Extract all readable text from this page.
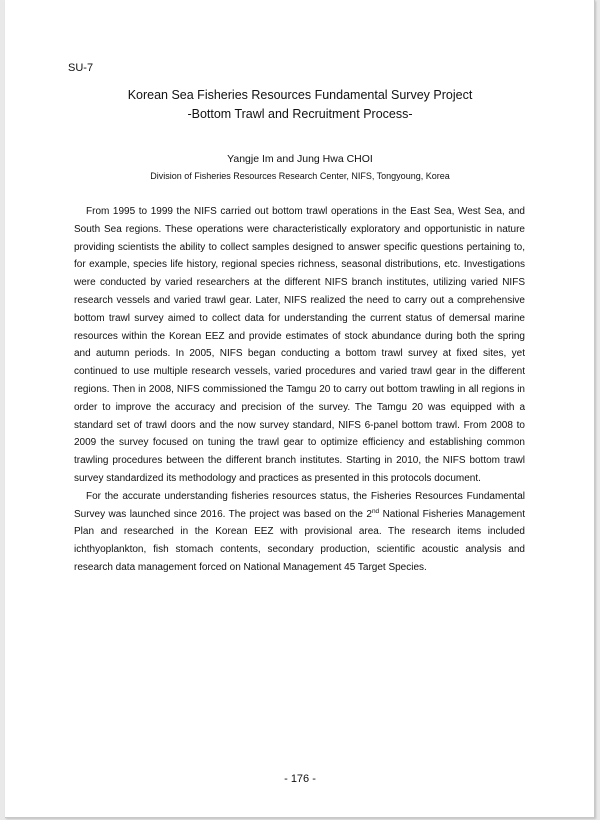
SU-7
Korean Sea Fisheries Resources Fundamental Survey Project
-Bottom Trawl and Recruitment Process-
Yangje Im and Jung Hwa CHOI
Division of Fisheries Resources Research Center, NIFS, Tongyoung, Korea

From 1995 to 1999 the NIFS carried out bottom trawl operations in the East Sea, West Sea, and South Sea regions. These operations were characteristically exploratory and opportunistic in nature providing scientists the ability to collect samples designed to answer specific questions pertaining to, for example, species life history, regional species richness, seasonal distributions, etc. Investigations were conducted by varied researchers at the different NIFS branch institutes, utilizing varied NIFS research vessels and varied trawl gear. Later, NIFS realized the need to carry out a comprehensive bottom trawl survey aimed to collect data for understanding the current status of demersal marine resources within the Korean EEZ and provide estimates of stock abundance during both the spring and autumn periods. In 2005, NIFS began conducting a bottom trawl survey at fixed sites, yet continued to use multiple research vessels, varied procedures and varied trawl gear in the different regions. Then in 2008, NIFS commissioned the Tamgu 20 to carry out bottom trawling in all regions in order to improve the accuracy and precision of the survey. The Tamgu 20 was equipped with a standard set of trawl doors and the now survey standard, NIFS 6-panel bottom trawl. From 2008 to 2009 the survey focused on tuning the trawl gear to optimize efficiency and establishing common trawling procedures between the different branch institutes. Starting in 2010, the NIFS bottom trawl survey standardized its methodology and practices as presented in this protocols document.

For the accurate understanding fisheries resources status, the Fisheries Resources Fundamental Survey was launched since 2016. The project was based on the 2nd National Fisheries Management Plan and researched in the Korean EEZ with provisional area. The research items included ichthyoplankton, fish stomach contents, secondary production, scientific acoustic analysis and research data management forced on National Management 45 Target Species.

- 176 -
